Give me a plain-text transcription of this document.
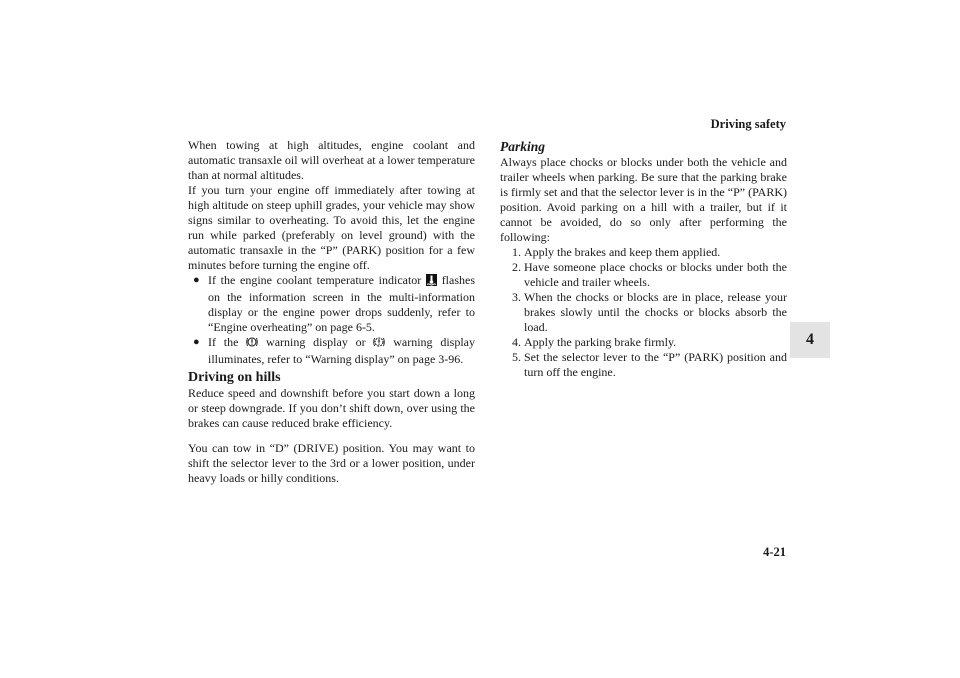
Driving safety
4-21
4

When towing at high altitudes, engine coolant and automatic transaxle oil will overheat at a lower temperature than at normal altitudes.

If you turn your engine off immediately after towing at high altitude on steep uphill grades, your vehicle may show signs similar to overheating. To avoid this, let the engine run while parked (preferably on level ground) with the automatic transaxle in the “P” (PARK) position for a few minutes before turning the engine off.

● If the engine coolant temperature indicator flashes on the information screen in the multi-information display or the engine power drops suddenly, refer to “Engine overheating” on page 6-5.
● If the warning display or warning display illuminates, refer to “Warning display” on page 3-96.
Driving on hills

Reduce speed and downshift before you start down a long or steep downgrade. If you don’t shift down, over using the brakes can cause reduced brake efficiency.

You can tow in “D” (DRIVE) position. You may want to shift the selector lever to the 3rd or a lower position, under heavy loads or hilly conditions.

Parking

Always place chocks or blocks under both the vehicle and trailer wheels when parking. Be sure that the parking brake is firmly set and that the selector lever is in the “P” (PARK) position. Avoid parking on a hill with a trailer, but if it cannot be avoided, do so only after performing the following:

1. Apply the brakes and keep them applied.
2. Have someone place chocks or blocks under both the vehicle and trailer wheels.
3. When the chocks or blocks are in place, release your brakes slowly until the chocks or blocks absorb the load.
4. Apply the parking brake firmly.
5. Set the selector lever to the “P” (PARK) position and turn off the engine.
